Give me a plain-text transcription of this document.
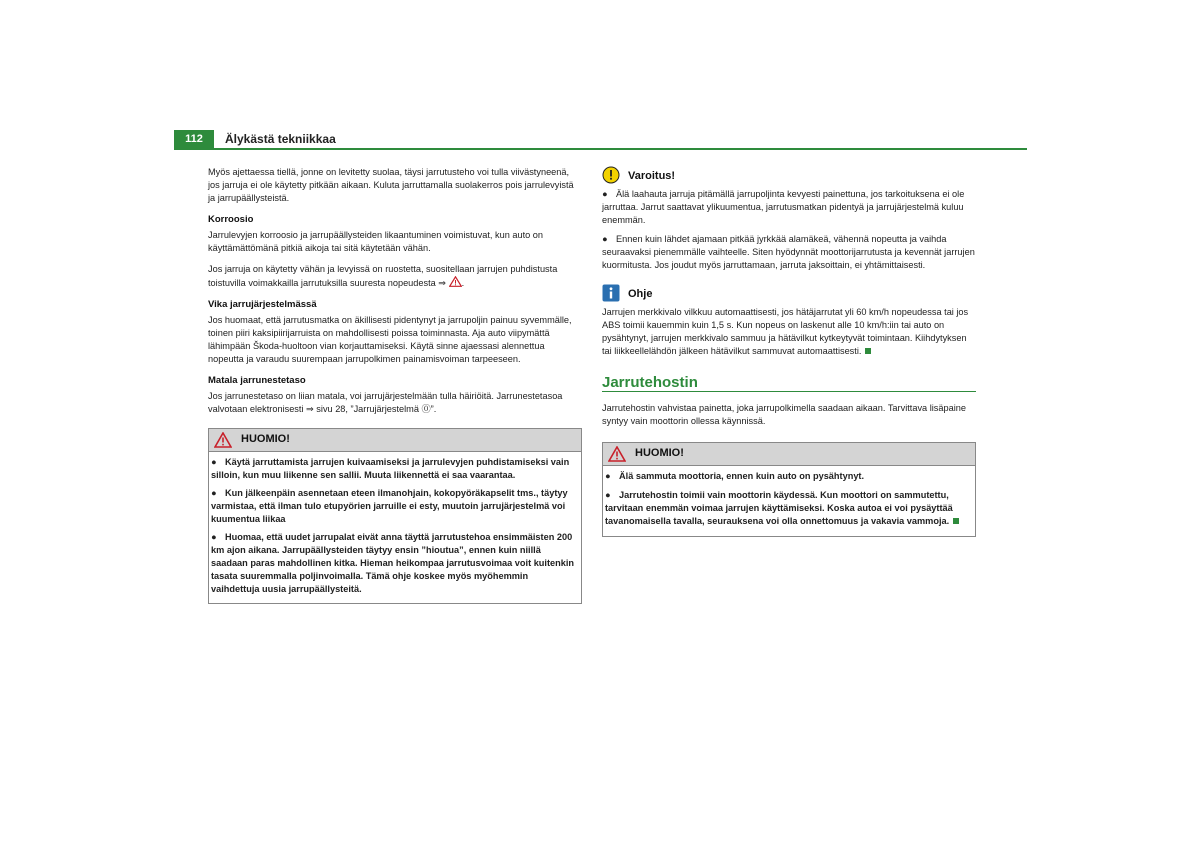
112	Älykästä tekniikkaa

Myös ajettaessa tiellä, jonne on levitetty suolaa, täysi jarrutusteho voi tulla viivästyneenä, jos jarruja ei ole käytetty pitkään aikaan. Kuluta jarruttamalla suolakerros pois jarrulevyistä ja jarrupäällysteistä.

Korroosio

Jarrulevyjen korroosio ja jarrupäällysteiden likaantuminen voimistuvat, kun auto on käyttämättömänä pitkiä aikoja tai sitä käytetään vähän.

Jos jarruja on käytetty vähän ja levyissä on ruostetta, suositellaan jarrujen puhdistusta toistuvilla voimakkailla jarrutuksilla suuresta nopeudesta ⇒ .

Vika jarrujärjestelmässä

Jos huomaat, että jarrutusmatka on äkillisesti pidentynyt ja jarrupoljin painuu syvemmälle, toinen piiri kaksipiirijarruista on mahdollisesti poissa toiminnasta. Aja auto viipymättä lähimpään Škoda-huoltoon vian korjauttamiseksi. Käytä sinne ajaessasi alennettua nopeutta ja varaudu suurempaan jarrupolkimen painamisvoiman tarpeeseen.

Matala jarrunestetaso

Jos jarrunestetaso on liian matala, voi jarrujärjestelmään tulla häiriöitä. Jarrunestetasoa valvotaan elektronisesti ⇒ sivu 28, ”Jarrujärjestelmä ⓪”.

HUOMIO!
● Käytä jarruttamista jarrujen kuivaamiseksi ja jarrulevyjen puhdistamiseksi vain silloin, kun muu liikenne sen sallii. Muuta liikennettä ei saa vaarantaa.
● Kun jälkeenpäin asennetaan eteen ilmanohjain, kokopyöräkapselit tms., täytyy varmistaa, että ilman tulo etupyörien jarruille ei esty, muutoin jarrujärjestelmä voi kuumentua liikaa
● Huomaa, että uudet jarrupalat eivät anna täyttä jarrutustehoa ensimmäisten 200 km ajon aikana. Jarrupäällysteiden täytyy ensin ”hioutua”, ennen kuin niillä saadaan paras mahdollinen kitka. Hieman heikompaa jarrutusvoimaa voit kuitenkin tasata suuremmalla poljinvoimalla. Tämä ohje koskee myös myöhemmin vaihdettuja uusia jarrupäällysteitä.
Varoitus!
● Älä laahauta jarruja pitämällä jarrupoljinta kevyesti painettuna, jos tarkoituksena ei ole jarruttaa. Jarrut saattavat ylikuumentua, jarrutusmatkan pidentyä ja jarrujärjestelmä kuluu enemmän.
● Ennen kuin lähdet ajamaan pitkää jyrkkää alamäkeä, vähennä nopeutta ja vaihda seuraavaksi pienemmälle vaihteelle. Siten hyödynnät moottorijarrutusta ja kevennät jarrujen kuormitusta. Jos joudut myös jarruttamaan, jarruta jaksoittain, ei yhtämittaisesti.
Ohje

Jarrujen merkkivalo vilkkuu automaattisesti, jos hätäjarrutat yli 60 km/h nopeudessa tai jos ABS toimii kauemmin kuin 1,5 s. Kun nopeus on laskenut alle 10 km/h:iin tai auto on pysähtynyt, jarrujen merkkivalo sammuu ja hätävilkut kytkeytyvät toimintaan. Kiihdytyksen tai liikkeellelähdön jälkeen hätävilkut sammuvat automaattisesti.

Jarrutehostin

Jarrutehostin vahvistaa painetta, joka jarrupolkimella saadaan aikaan. Tarvittava lisäpaine syntyy vain moottorin ollessa käynnissä.

HUOMIO!
● Älä sammuta moottoria, ennen kuin auto on pysähtynyt.
● Jarrutehostin toimii vain moottorin käydessä. Kun moottori on sammutettu, tarvitaan enemmän voimaa jarrujen käyttämiseksi. Koska autoa ei voi pysäyttää tavanomaisella tavalla, seurauksena voi olla onnettomuus ja vakavia vammoja.
